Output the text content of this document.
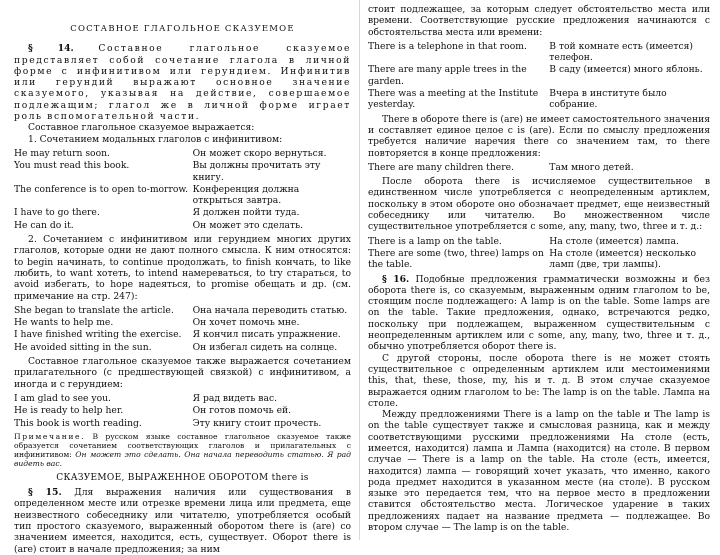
СОСТАВНОЕ ГЛАГОЛЬНОЕ СКАЗУЕМОЕ

§ 14.	Составное глагольное сказуемое представляет собой сочетание глагола в личной форме с инфинитивом или герундием. Инфинитив или герундий выражают основное значение сказуемого, указывая на действие, совершаемое подлежащим; глагол же в личной форме играет роль вспомогательной части.

Составное глагольное сказуемое выражается:

1. Сочетанием модальных глаголов с инфинитивом:

He may return soon.	Он может скоро вернуться.
You must read this book.	Вы должны прочитать эту книгу.
The conference is to open to-morrow. Конференция должна открыться завтра.
I have to go there.	Я должен пойти туда.
He can do it.	Он может это сделать.

2. Сочетанием с инфинитивом или герундием многих других глаголов, которые одни не дают полного смысла. К ним относятся: to begin начинать, to continue продолжать, to finish кончать, to like любить, to want хотеть, to intend намереваться, to try стараться, to avoid избегать, to hope надеяться, to promise обещать и др. (см. примечание на стр. 247):

She began to translate the article.	Она начала переводить статью.
He wants to help me.	Он хочет помочь мне.
I have finished writing the exercise.	Я кончил писать упражнение.
He avoided sitting in the sun.	Он избегал сидеть на солнце.

Составное глагольное сказуемое также выражается сочетанием прилагательного (с предшествующей связкой) с инфинитивом, а иногда и с герундием:

I am glad to see you.	Я рад видеть вас.
He is ready to help her.	Он готов помочь ей.
This book is worth reading.	Эту книгу стоит прочесть.
Примечание. В русском языке составное глагольное сказуемое также образуется сочетанием соответствующих глаголов и прилагательных с инфинитивом: Он может это сделать. Она начала переводить статью. Я рад видеть вас.
СКАЗУЕМОЕ, ВЫРАЖЕННОЕ ОБОРОТОМ there is

§ 15. Для выражения наличия или существования в определенном месте или отрезке времени лица или предмета, еще неизвестного собеседнику или читателю, употребляется особый тип простого сказуемого, выраженный оборотом there is (are) со значением имеется, находится, есть, существует. Оборот there is (are) стоит в начале предложения; за ним

стоит подлежащее, за которым следует обстоятельство места или времени. Соответствующие русские предложения начинаются с обстоятельства места или времени:

There is a telephone in that room.	В той комнате есть (имеется) телефон.
There are many apple trees in the garden.
В саду (имеется) много яблонь.
There was a meeting at the Institute yesterday.
Вчера в институте было собрание.

There в обороте there is (are) не имеет самостоятельного значения и составляет единое целое с is (are). Если по смыслу предложения требуется наличие наречия there со значением там, то there повторяется в конце предложения:

There are many children there.	Там много детей.

После оборота there is исчисляемое существительное в единственном числе употребляется с неопределенным артиклем, поскольку в этом обороте оно обозначает предмет, еще неизвестный собеседнику или читателю. Во множественном числе существительное употребляется с some, any, many, two, three и т. д.:

There is a lamp on the table.	На столе (имеется) лампа.
There are some (two, three) lamps on the table.
На столе (имеется) несколько ламп (две, три лампы).

§ 16. Подобные предложения грамматически возможны и без оборота there is, со сказуемым, выраженным одним глаголом to be, стоящим после подлежащего: A lamp is on the table. Some lamps are on the table. Такие предложения, однако, встречаются редко, поскольку при подлежащем, выраженном существительным с неопределенным артиклем или с some, any, many, two, three и т. д., обычно употребляется оборот there is.

С другой стороны, после оборота there is не может стоять существительное с определенным артиклем или местоимениями this, that, these, those, my, his и т. д. В этом случае сказуемое выражается одним глаголом to be: The lamp is on the table. Лампа на столе.

Между предложениями There is a lamp on the table и The lamp is on the table существует также и смысловая разница, как и между соответствующими русскими предложениями На столе (есть, имеется, находится) лампа и Лампа (находится) на столе. В первом случае — There is a lamp on the table. На столе (есть, имеется, находится) лампа — говорящий хочет указать, что именно, какого рода предмет находится в указанном месте (на столе). В русском языке это передается тем, что на первое место в предложении ставится обстоятельство места. Логическое ударение в таких предложениях падает на название предмета — подлежащее. Во втором случае — The lamp is on the table.
